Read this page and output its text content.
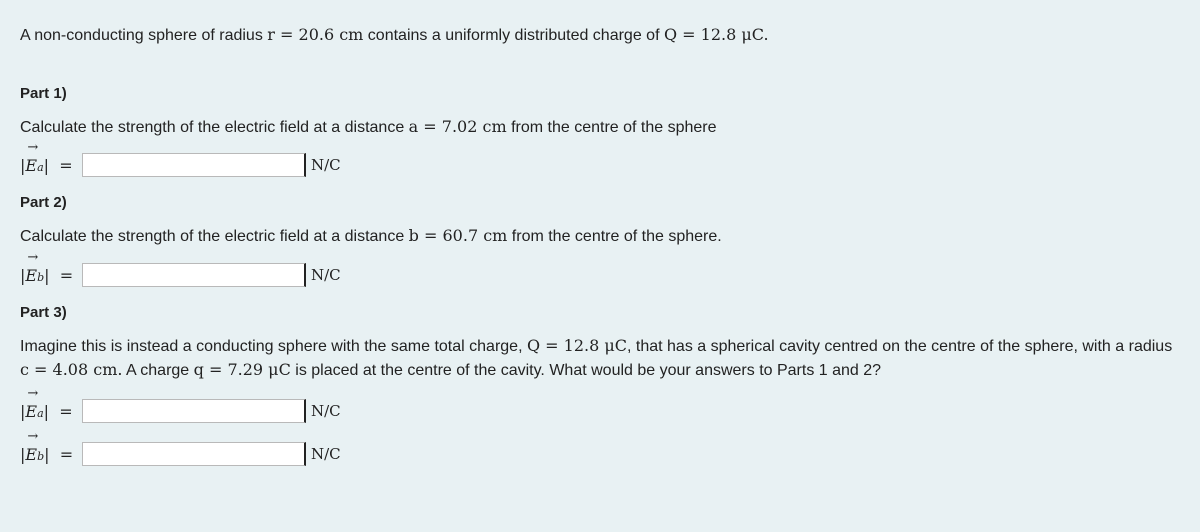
A non-conducting sphere of radius r = 20.6 cm contains a uniformly distributed charge of Q = 12.8 μC.
Part 1)
Calculate the strength of the electric field at a distance a = 7.02 cm from the centre of the sphere
|
→
Ea|  =	N/C
Part 2)
Calculate the strength of the electric field at a distance b = 60.7 cm from the centre of the sphere.
|
→
Eb|  =	N/C
Part 3)
Imagine this is instead a conducting sphere with the same total charge, Q = 12.8 μC, that has a spherical cavity centred on the centre of the sphere, with a radius c = 4.08 cm. A charge q = 7.29 μC is placed at the centre of the cavity. What would be your answers to Parts 1 and 2?
|
→
Ea|  =	N/C
|
→
Eb|  =	N/C
